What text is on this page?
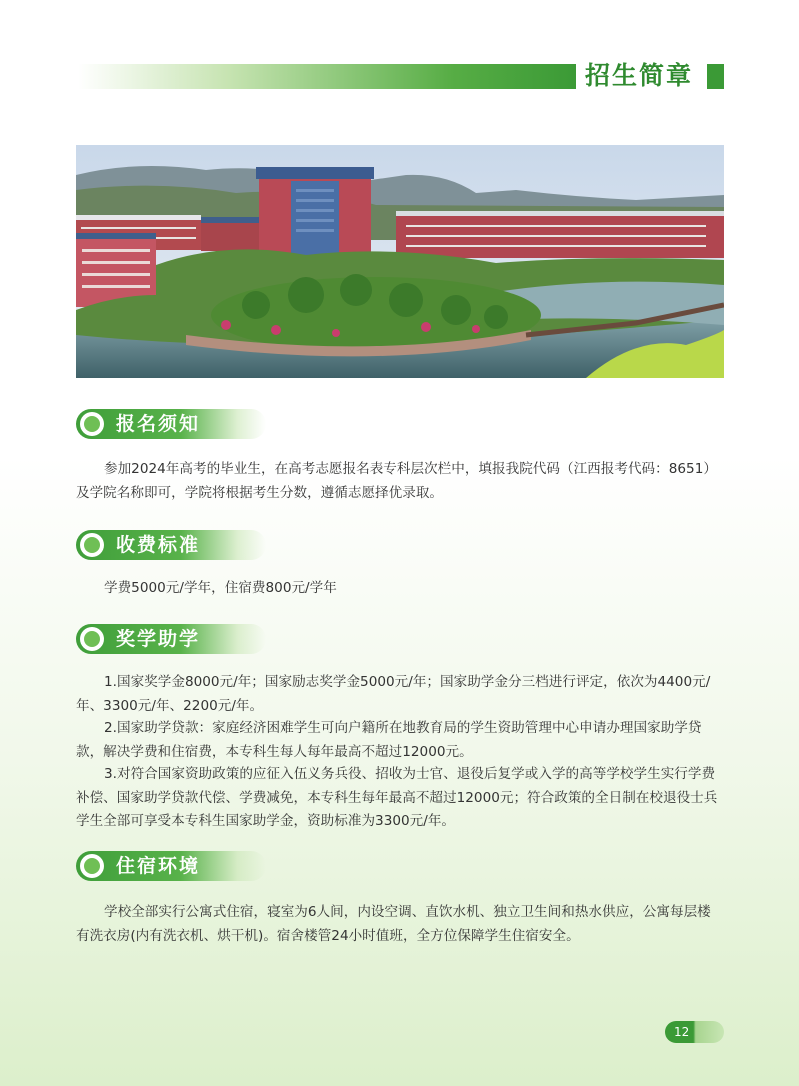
招生简章
报名须知

参加2024年高考的毕业生，在高考志愿报名表专科层次栏中，填报我院代码（江西报考代码：8651）及学院名称即可，学院将根据考生分数，遵循志愿择优录取。

收费标准

学费5000元/学年，住宿费800元/学年

奖学助学

1.国家奖学金8000元/年；国家励志奖学金5000元/年；国家助学金分三档进行评定，依次为4400元/年、3300元/年、2200元/年。

2.国家助学贷款：家庭经济困难学生可向户籍所在地教育局的学生资助管理中心申请办理国家助学贷款，解决学费和住宿费，本专科生每人每年最高不超过12000元。

3.对符合国家资助政策的应征入伍义务兵役、招收为士官、退役后复学或入学的高等学校学生实行学费补偿、国家助学贷款代偿、学费减免，本专科生每年最高不超过12000元；符合政策的全日制在校退役士兵学生全部可享受本专科生国家助学金，资助标准为3300元/年。

住宿环境

学校全部实行公寓式住宿，寝室为6人间，内设空调、直饮水机、独立卫生间和热水供应，公寓每层楼有洗衣房(内有洗衣机、烘干机)。宿舍楼管24小时值班，全方位保障学生住宿安全。

12
